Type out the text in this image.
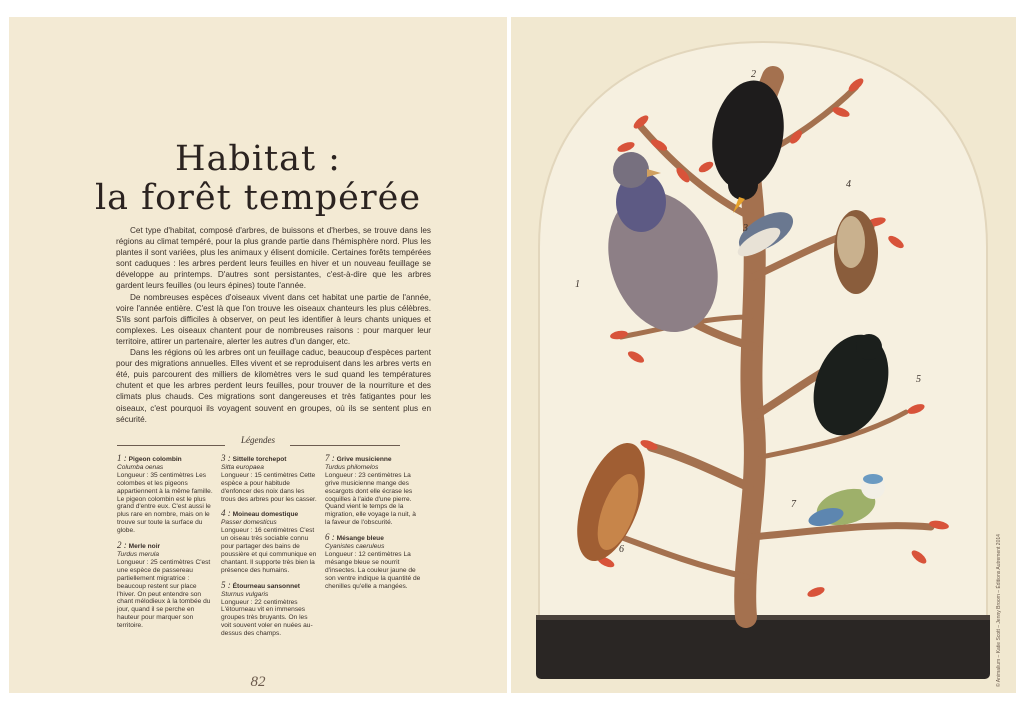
Habitat :
la forêt tempérée

Cet type d'habitat, composé d'arbres, de buissons et d'herbes, se trouve dans les régions au climat tempéré, pour la plus grande partie dans l'hémisphère nord. Plus les plantes il sont variées, plus les animaux y élisent domicile. Certaines forêts tempérées sont caduques : les arbres perdent leurs feuilles en hiver et un nouveau feuillage se développe au printemps. D'autres sont persistantes, c'est-à-dire que les arbres gardent leurs feuilles (ou leurs épines) toute l'année.

De nombreuses espèces d'oiseaux vivent dans cet habitat une partie de l'année, voire l'année entière. C'est là que l'on trouve les oiseaux chanteurs les plus célèbres. S'ils sont parfois difficiles à observer, on peut les identifier à leurs chants uniques et complexes. Les oiseaux chantent pour de nombreuses raisons : pour marquer leur territoire, attirer un partenaire, alerter les autres d'un danger, etc.

Dans les régions où les arbres ont un feuillage caduc, beaucoup d'espèces partent pour des migrations annuelles. Elles vivent et se reproduisent dans les arbres verts en été, puis parcourent des milliers de kilomètres vers le sud quand les températures chutent et que les arbres perdent leurs feuilles, pour trouver de la nourriture et des climats plus chauds. Ces migrations sont dangereuses et très fatigantes pour les oiseaux, c'est pourquoi ils voyagent souvent en groupes, où ils se sentent plus en sécurité.

Légendes
1 : Pigeon colombin
Columba oenas
Longueur : 35 centimètres Les colombes et les pigeons appartiennent à la même famille. Le pigeon colombin est le plus grand d'entre eux. C'est aussi le plus rare en nombre, mais on le trouve sur toute la surface du globe.
2 : Merle noir
Turdus merula
Longueur : 25 centimètres C'est une espèce de passereau partiellement migratrice : beaucoup restent sur place l'hiver. On peut entendre son chant mélodieux à la tombée du jour, quand il se perche en hauteur pour marquer son territoire.
3 : Sittelle torchepot
Sitta europaea
Longueur : 15 centimètres Cette espèce a pour habitude d'enfoncer des noix dans les trous des arbres pour les casser.
4 : Moineau domestique
Passer domesticus
Longueur : 16 centimètres C'est un oiseau très sociable connu pour partager des bains de poussière et qui communique en chantant. Il supporte très bien la présence des humains.
5 : Étourneau sansonnet
Sturnus vulgaris
Longueur : 22 centimètres L'étourneau vit en immenses groupes très bruyants. On les voit souvent voler en nuées au-dessus des champs.
7 : Grive musicienne
Turdus philomelos
Longueur : 23 centimètres La grive musicienne mange des escargots dont elle écrase les coquilles à l'aide d'une pierre. Quand vient le temps de la migration, elle voyage la nuit, à la faveur de l'obscurité.
6 : Mésange bleue
Cyanistes caeruleus
Longueur : 12 centimètres La mésange bleue se nourrit d'insectes. La couleur jaune de son ventre indique la quantité de chenilles qu'elle a mangées.
82
1
2
3
4
5
6
7
© Animalium – Katie Scott – Jenny Broom – Éditions Autrement 2014
